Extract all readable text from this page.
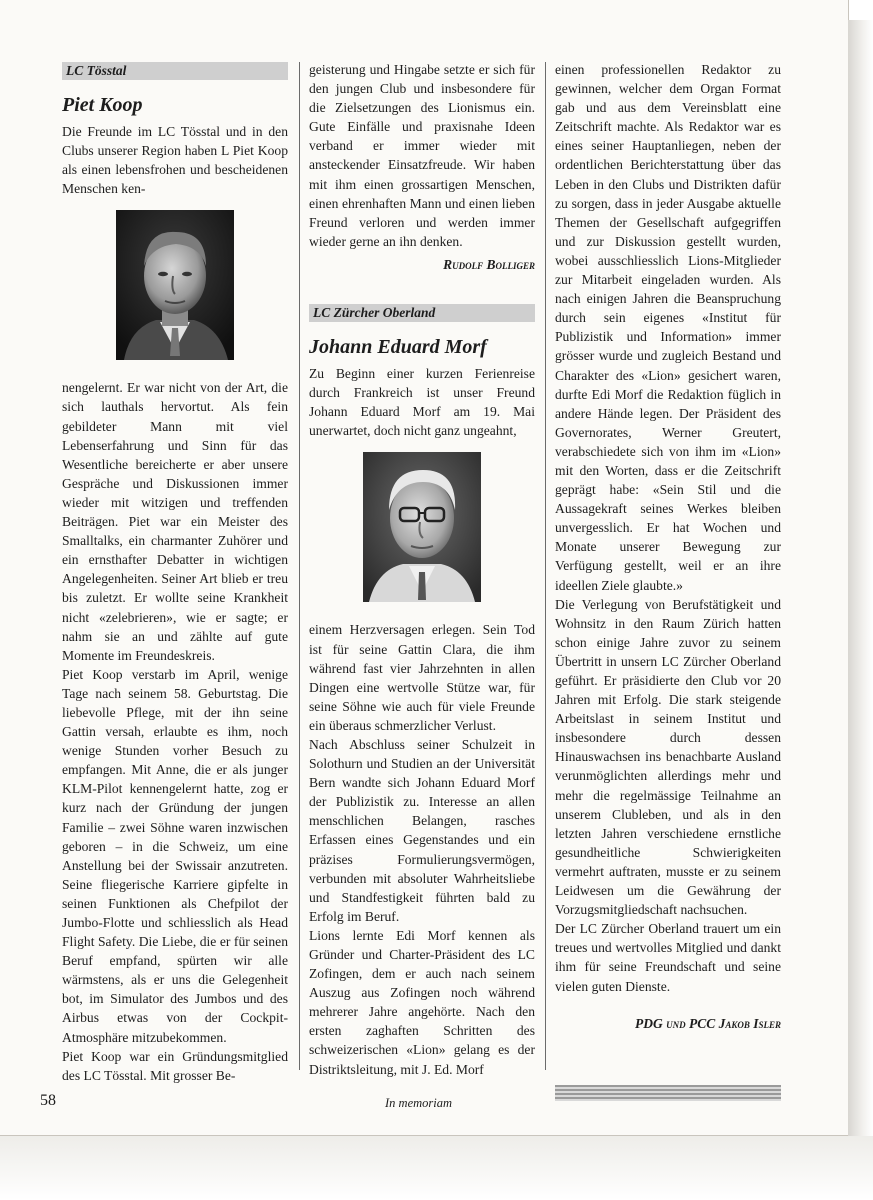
LC Tösstal
Piet Koop

Die Freunde im LC Tösstal und in den Clubs unserer Region haben L Piet Koop als einen lebensfrohen und bescheidenen Menschen ken-

nengelernt. Er war nicht von der Art, die sich lauthals hervortut. Als fein gebildeter Mann mit viel Lebenserfahrung und Sinn für das Wesentliche bereicherte er aber unsere Gespräche und Diskussionen immer wieder mit witzigen und treffenden Beiträgen. Piet war ein Meister des Smalltalks, ein charmanter Zuhörer und ein ernsthafter Debatter in wichtigen Angelegenheiten. Seiner Art blieb er treu bis zuletzt. Er wollte seine Krankheit nicht «zelebrieren», wie er sagte; er nahm sie an und zählte auf gute Momente im Freundeskreis.

Piet Koop verstarb im April, wenige Tage nach seinem 58. Geburtstag. Die liebevolle Pflege, mit der ihn seine Gattin versah, erlaubte es ihm, noch wenige Stunden vorher Besuch zu empfangen. Mit Anne, die er als junger KLM-Pilot kennengelernt hatte, zog er kurz nach der Gründung der jungen Familie – zwei Söhne waren inzwischen geboren – in die Schweiz, um eine Anstellung bei der Swissair anzutreten. Seine fliegerische Karriere gipfelte in seinen Funktionen als Chefpilot der Jumbo-Flotte und schliesslich als Head Flight Safety. Die Liebe, die er für seinen Beruf empfand, spürten wir alle wärmstens, als er uns die Gelegenheit bot, im Simulator des Jumbos und des Airbus etwas von der Cockpit-Atmosphäre mitzubekommen.

Piet Koop war ein Gründungsmitglied des LC Tösstal. Mit grosser Be-

geisterung und Hingabe setzte er sich für den jungen Club und insbesondere für die Zielsetzungen des Lionismus ein. Gute Einfälle und praxisnahe Ideen verband er immer wieder mit ansteckender Einsatzfreude. Wir haben mit ihm einen grossartigen Menschen, einen ehrenhaften Mann und einen lieben Freund verloren und werden immer wieder gerne an ihn denken.

Rudolf Bolliger

LC Zürcher Oberland
Johann Eduard Morf

Zu Beginn einer kurzen Ferienreise durch Frankreich ist unser Freund Johann Eduard Morf am 19. Mai unerwartet, doch nicht ganz ungeahnt,

einem Herzversagen erlegen. Sein Tod ist für seine Gattin Clara, die ihm während fast vier Jahrzehnten in allen Dingen eine wertvolle Stütze war, für seine Söhne wie auch für viele Freunde ein überaus schmerzlicher Verlust.

Nach Abschluss seiner Schulzeit in Solothurn und Studien an der Universität Bern wandte sich Johann Eduard Morf der Publizistik zu. Interesse an allen menschlichen Belangen, rasches Erfassen eines Gegenstandes und ein präzises Formulierungsvermögen, verbunden mit absoluter Wahrheitsliebe und Standfestigkeit führten bald zu Erfolg im Beruf.

Lions lernte Edi Morf kennen als Gründer und Charter-Präsident des LC Zofingen, dem er auch nach seinem Auszug aus Zofingen noch während mehrerer Jahre angehörte. Nach den ersten zaghaften Schritten des schweizerischen «Lion» gelang es der Distriktsleitung, mit J. Ed. Morf

einen professionellen Redaktor zu gewinnen, welcher dem Organ Format gab und aus dem Vereinsblatt eine Zeitschrift machte. Als Redaktor war es eines seiner Hauptanliegen, neben der ordentlichen Berichterstattung über das Leben in den Clubs und Distrikten dafür zu sorgen, dass in jeder Ausgabe aktuelle Themen der Gesellschaft aufgegriffen und zur Diskussion gestellt wurden, wobei ausschliesslich Lions-Mitglieder zur Mitarbeit eingeladen wurden. Als nach einigen Jahren die Beanspruchung durch sein eigenes «Institut für Publizistik und Information» immer grösser wurde und zugleich Bestand und Charakter des «Lion» gesichert waren, durfte Edi Morf die Redaktion füglich in andere Hände legen. Der Präsident des Governorates, Werner Greutert, verabschiedete sich von ihm im «Lion» mit den Worten, dass er die Zeitschrift geprägt habe: «Sein Stil und die Aussagekraft seines Werkes bleiben unvergesslich. Er hat Wochen und Monate unserer Bewegung zur Verfügung gestellt, weil er an ihre ideellen Ziele glaubte.»

Die Verlegung von Berufstätigkeit und Wohnsitz in den Raum Zürich hatten schon einige Jahre zuvor zu seinem Übertritt in unsern LC Zürcher Oberland geführt. Er präsidierte den Club vor 20 Jahren mit Erfolg. Die stark steigende Arbeitslast in seinem Institut und insbesondere durch dessen Hinauswachsen ins benachbarte Ausland verunmöglichten allerdings mehr und mehr die regelmässige Teilnahme an unserem Clubleben, und als in den letzten Jahren verschiedene ernstliche gesundheitliche Schwierigkeiten vermehrt auftraten, musste er zu seinem Leidwesen um die Gewährung der Vorzugsmitgliedschaft nachsuchen.

Der LC Zürcher Oberland trauert um ein treues und wertvolles Mitglied und dankt ihm für seine Freundschaft und seine vielen guten Dienste.

PDG und PCC Jakob Isler

58	In memoriam
